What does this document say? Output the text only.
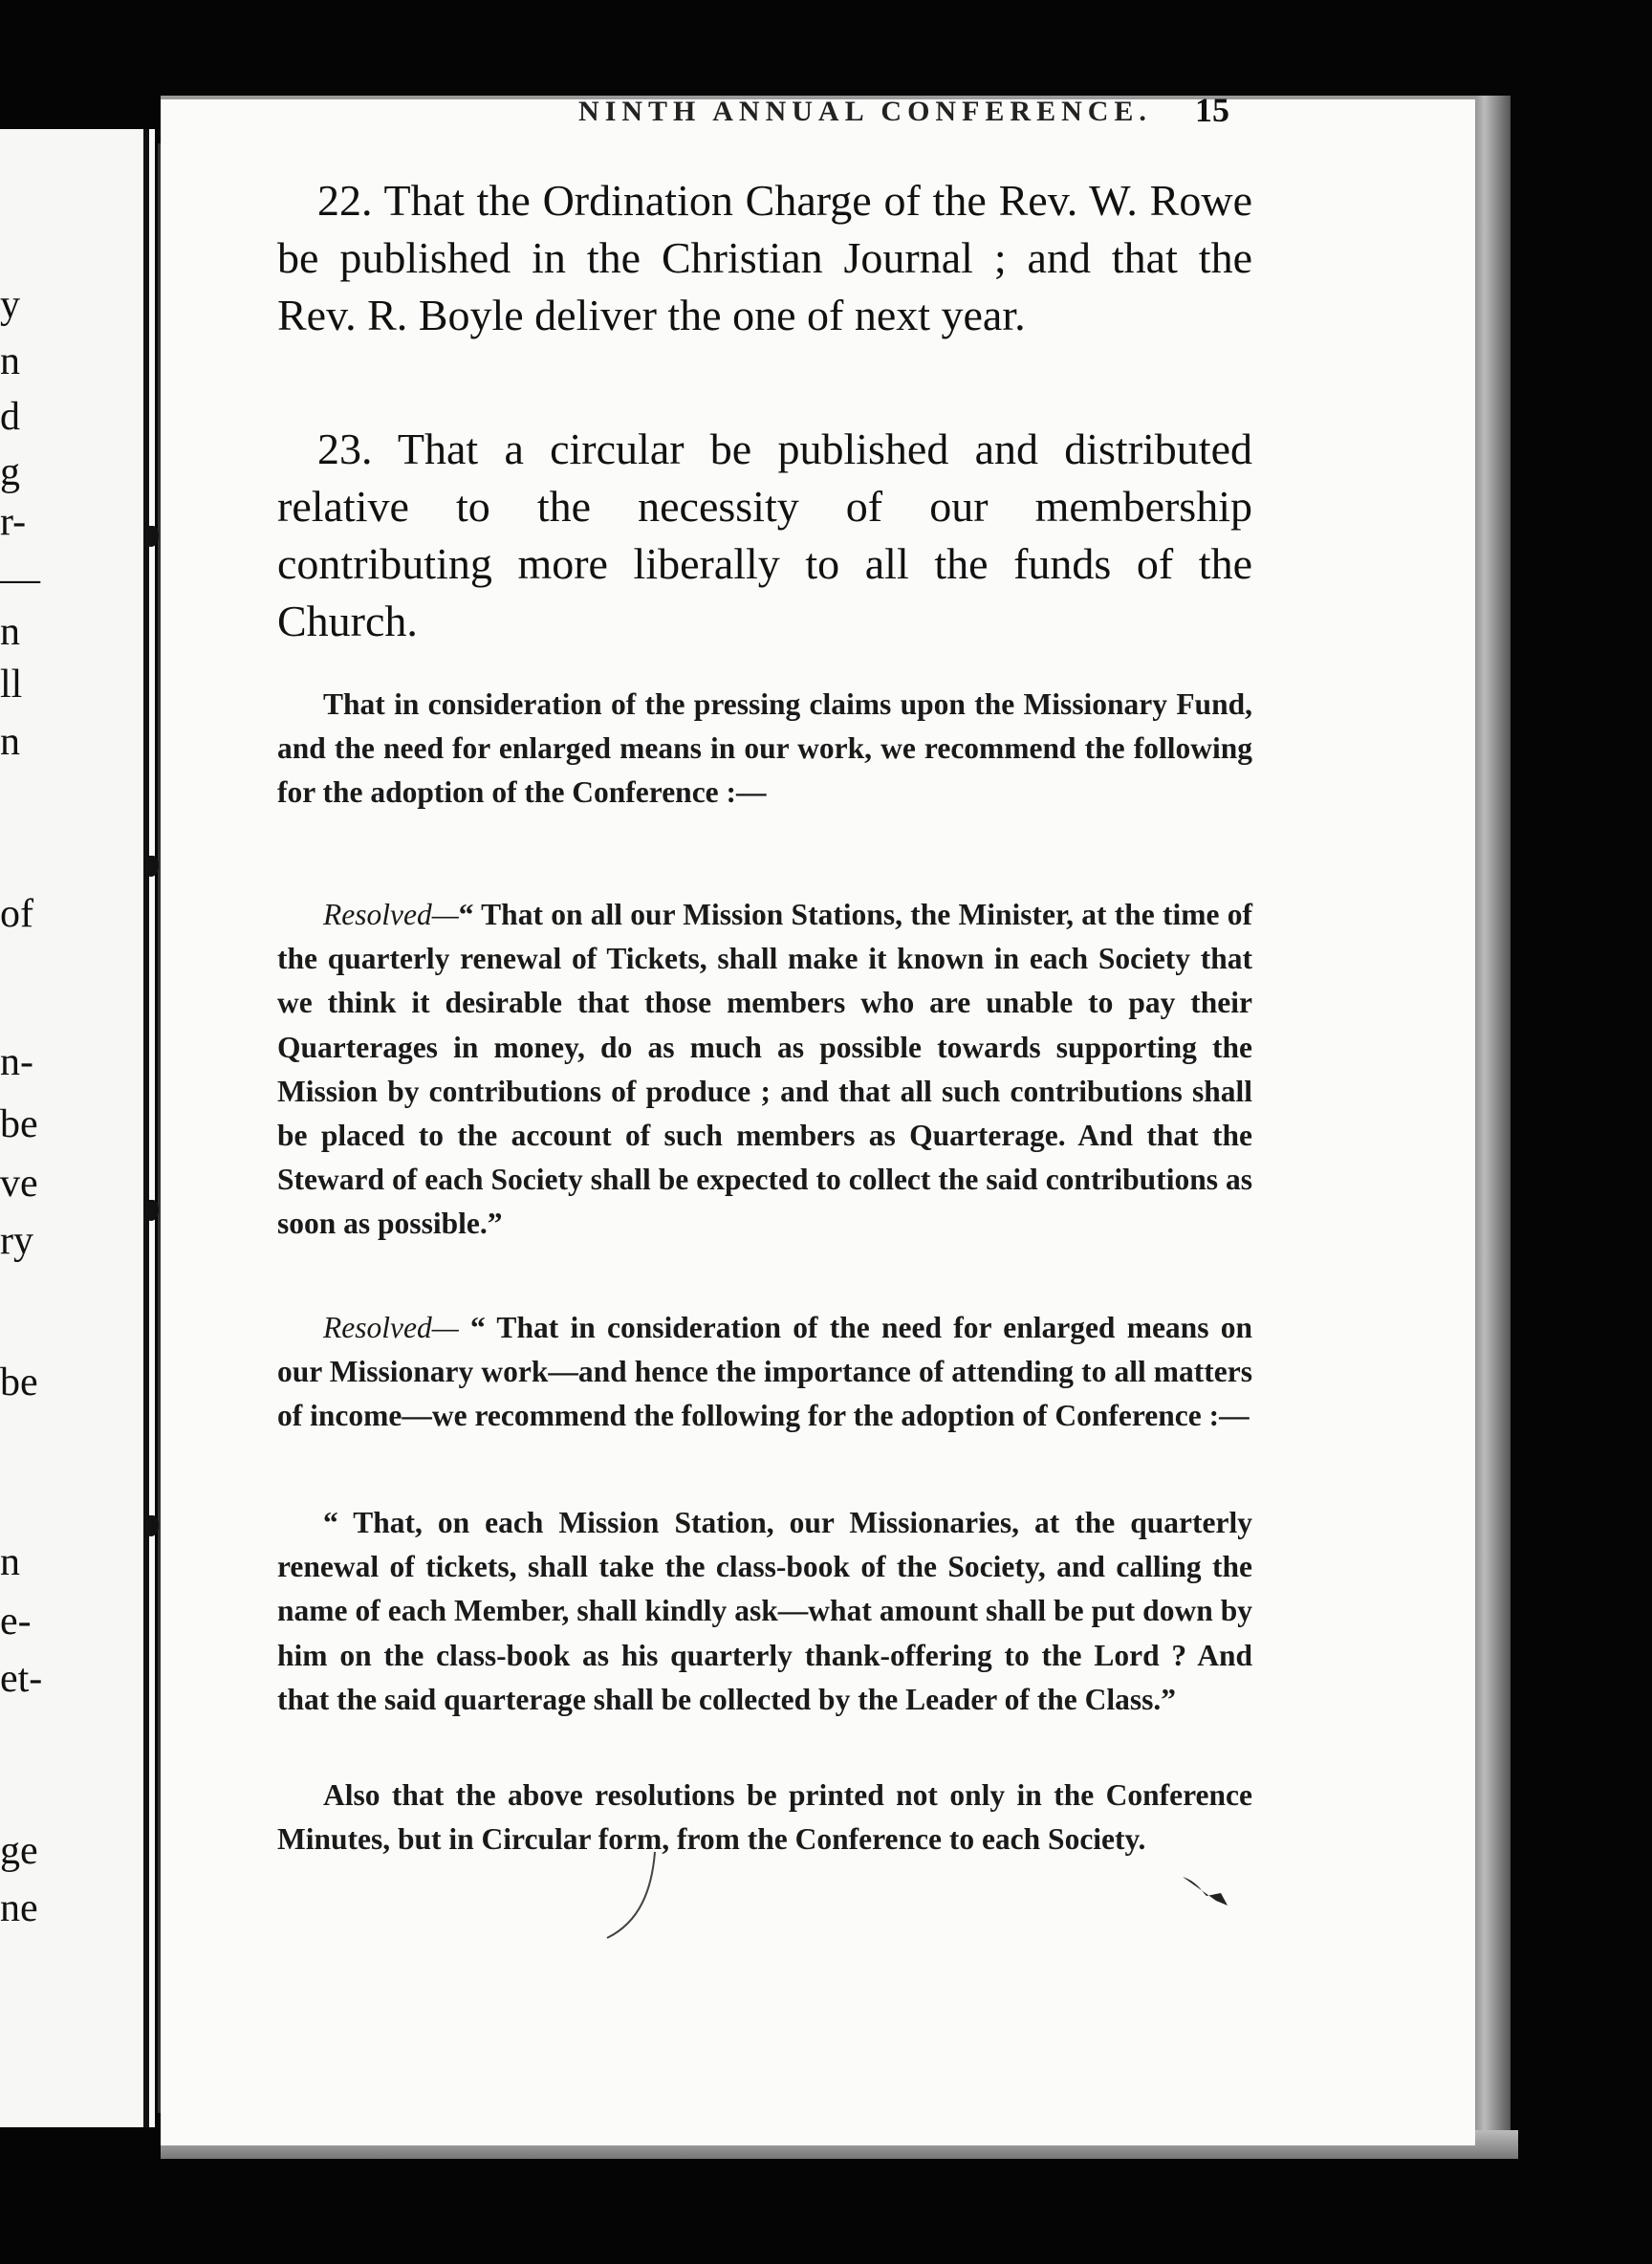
y
n
d
g
r-
—
n
ll
n
of
n-
be
ve
ry
be
n
e-
et-
ge
ne
NINTH ANNUAL CONFERENCE.	15
22. That the Ordination Charge of the Rev. W. Rowe be published in the Christian Journal ; and that the Rev. R. Boyle deliver the one of next year.
23. That a circular be published and distributed relative to the necessity of our membership contributing more liberally to all the funds of the Church.

That in consideration of the pressing claims upon the Missionary Fund, and the need for enlarged means in our work, we recommend the following for the adoption of the Conference :—

Resolved—“ That on all our Mission Stations, the Minister, at the time of the quarterly renewal of Tickets, shall make it known in each Society that we think it desirable that those members who are unable to pay their Quarterages in money, do as much as possible towards supporting the Mission by contributions of produce ; and that all such contributions shall be placed to the account of such members as Quarterage. And that the Steward of each Society shall be expected to collect the said contributions as soon as possible.”

Resolved— “ That in consideration of the need for enlarged means on our Missionary work—and hence the importance of attending to all matters of income—we recommend the following for the adoption of Conference :—

“ That, on each Mission Station, our Missionaries, at the quarterly renewal of tickets, shall take the class-book of the Society, and calling the name of each Member, shall kindly ask—what amount shall be put down by him on the class-book as his quarterly thank-offering to the Lord ? And that the said quarterage shall be collected by the Leader of the Class.”

Also that the above resolutions be printed not only in the Conference Minutes, but in Circular form, from the Conference to each Society.
